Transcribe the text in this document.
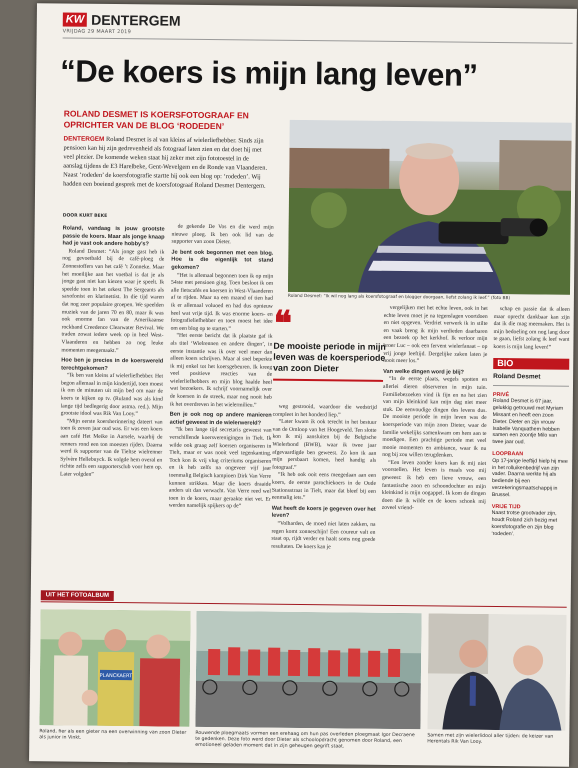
KW DENTERGEM
VRIJDAG 29 MAART 2019
“De koers is mijn lang leven”
ROLAND DESMET IS KOERSFOTOGRAAF EN OPRICHTER VAN DE BLOG ‘RODEDEN’
DENTERGEM Roland Desmet is al van kleins af wielerliefhebber. Sinds zijn pensioen kan hij zijn gedrevenheid als fotograaf laten zien en dat doet hij met veel plezier. De komende weken staat hij zeker met zijn fototoestel in de aanslag tijdens de E3 Harelbeke, Gent-Wevelgem en de Ronde van Vlaanderen. Naast ‘rodeden’ de koersfotografie startte hij ook een blog op: ‘rodeden’. Wij hadden een boeiend gesprek met de koersfotograaf Roland Desmet Dentergem.
DOOR KURT BEKE
Roland, vandaag is jouw grootste passie de koers. Maar als jonge knaap had je vast ook andere hobby's?
Roland Desmet: “Als jonge gast heb ik nog gevoetbald bij de café-ploeg de Zonnestoffers van het café ’t Zonneke. Maar het moeilijke aan het voetbal is dat je als jonge gast niet kan kiezen waar je speelt. Ik speelde toen in het orkest The Sergeants als saxofonist en klarinettist. In die tijd waren dat nog zeer populaire groepen. We speelden muziek van de jaren 70 en 80, maar ik was ook enorme fan van de Amerikaanse rockband Creedence Clearwater Revival. We traden zowat iedere week op in heel West-Vlaanderen en hebben zo nog leuke momenten meegemaakt.”
Hoe ben je precies in de koerswereld terechtgekomen?
“Ik ben van kleins af wielerliefhebber. Het begon allemaal in mijn kindertijd, toen moest ik om de minuten uit mijn bed om naar de koers te kijken op tv. (Ruland was als kind lange tijd bedlegerig door astma. red.). Mijn grootste idool was Rik Van Looy.”
“Mijn eerste koersherinnering dateert van toen ik zeven jaar oud was. Er was een koers aan café Het Meike in Aarsele, waarbij de renners rond een ton moesten rijden. Daarna werd ik supporter van de Tieltse wielrenner Sylvère Hellebuyck. Ik volgde hem overal en richtte zelfs een supportersclub voor hem op. Later volgden”
de gekende De Vos en die werd mijn nieuwe ploeg. Ik ben ook lid van de supporter van zoon Dieter.
Je bent ook begonnen met een blog. Hoe is die eigenlijk tot stand gekomen?
“Het is allemaal begonnen toen ik op mijn 54ste met pensioen ging. Toen besloot ik om alle fietscafés en koersen in West-Vlaanderen af te rijden. Maar na een maand of tien had ik er allemaal voluoed en had dus opnieuw heel wat vrije tijd. Ik was enorme koers- en fotografieliefhebber en toen moest het idee om een blog op te starten.”
“Het eerste bericht dat ik plaatste gaf ik als titel ‘Wielrennen en andere dingen’, in eerste instantie was ik over veel meer dan alleen koers schrijven. Maar al snel beperkte ik mij enkel tot het koersgebeuren. Ik kreeg veel positieve reacties van de wielerliefhebbers en mijn blog haalde heel wat bezoekers. Ik schrijf voornamelijk over de koersen in de streek, maar nog nooit heb ik het overdreven in het wielermilieu.”
Ben je ook nog op andere manieren actief geweest in de wielerwereld?
“Ik ben lange tijd secretaris geweest van verschillende koersverenigingen in Tielt. Ik wilde ook graag zelf koersen organiseren in Tielt, maar er was nooit veel tegenkanting. Toch kon ik vrij vlug criteriums organiseren en ik heb zelfs na ongeveer vijf jaar toenmalig Belgisch kampioen Dirk Van Verre kunnen strikken. Maar die koers draaide anders uit dan verwacht. Van Verre reed wel toen in de koers, maar geraakte niet vet. Er werden namelijk spijkers op de”
Roland Desmet: “Ik wil nog lang als koersfotograaf en blogger doorgaan, liefst zolang ik leef.” (foto BB)
❝
De mooiste periode in mijn leven was de koersperiode van zoon Dieter
weg gestrooid, waardoor die wedstrijd compleet in het honderd liep.”
“Later kwam ik ook terecht in het bestuur van de Omloop van het Hoogeveld. Ten slotte kon ik mij aansluiten bij de Belgische Wielerbond (BWB), waar ik twee jaar afgevaardigde ben geweest. Zo kon ik aan mijn persbaart komen, heel handig als fotograaf.”
“Ik heb ook ooit eens meegedaan aan een koers, de eerste parochiekoers in de Oude Stationsstraat in Tielt, maar dat bleef bij een eenmalig iets.”
Wat heeft de koers je gegeven over het leven?
“Volharden, de moed niet laten zakken, na regen komt zonneschijn! Een coureur valt en staat op, rijdt verder en haalt soms nog goede resultaten. De koers kan je
vergelijken met het echte leven, ook in het echte leven moet je na tegenslagen voortdoen en niet opgeven. Verdriet verwerk ik in stilte en vaak breng ik mijn verdieden daarbaren een bezoek op het kerkhof. Ik verloor mijn broer Luc – ook een fervent wielerfanaat – op vrij jonge leeftijd. Dergelijke zaken laten je nooit meer los.”
Van welke dingen word je blij?
“In de eerste plaats, wegels spotten en allerlei dieren observeren in mijn tuin. Familiebezoeken vind ik fijn en na het zien van mijn kleinkind kan mijn dag niet meer stuk. De eenvoudige dingen des levens dus. De mooiste periode in mijn leven was de koersperiode van mijn zoon Dieter, waar de familie wekelijks samenkwam om hem aan te moedigen. Een prachtige periode met veel mooie momenten en ambiance, waar ik nu nog bij zou willen terugdenken.
“Een leven zonder koers kan ik mij niet voorstellen. Het leven is maals voo mij geweest: ik heb een lieve vrouw, een fantastische zoon en schoondochter en mijn kleinkind is mijn oogappel. Ik kom de dingen doen die ik wilde en de koers schonk mij zoveel vriend-
schap en passie dat ik alleen maar oprecht dankbaar kan zijn dat ik die mag meemaken. Het is mijn bedoeling om nog lang door te gaan, liefst zolang ik leef want koers is mijn lang leven!”
BIO
Roland Desmet
PRIVÉ
Roland Desmet is 67 jaar, gelukkig getrouwd met Myriam Missant en heeft een zoon Dieter. Dieter en zijn vrouw Isabelle Vanquathem hebben samen een zoontje Milo van twee jaar oud.
LOOPBAAN
Op 17-jarige leeftijd hielp hij mee in het rolluikenbedrijf van zijn vader. Daarna werkte hij als bediende bij een verzekeringsmaatschappij in Brussel.
VRIJE TIJD
Naast trotse grootvader zijn, houdt Roland zich bezig met koersfotografie en zijn blog ‘rodeden’.
UIT HET FOTOALBUM
PLANCKAERT
Roland, fier als een gieter na een overwinning van zoon Dieter als junior in Vinkt.	Rouwende ploegmaats vormen een erehaag om hun pas overleden ploegmaat Igor Decraene te gedenken. Deze foto werd door Dieter als schoolopdracht genomen door Roland, een emotioneel geladen moment dat in zijn geheugen gegrift staat.
Samen met zijn wielerlidool aller tijden: de keizer van Herentals Rik Van Looy.
